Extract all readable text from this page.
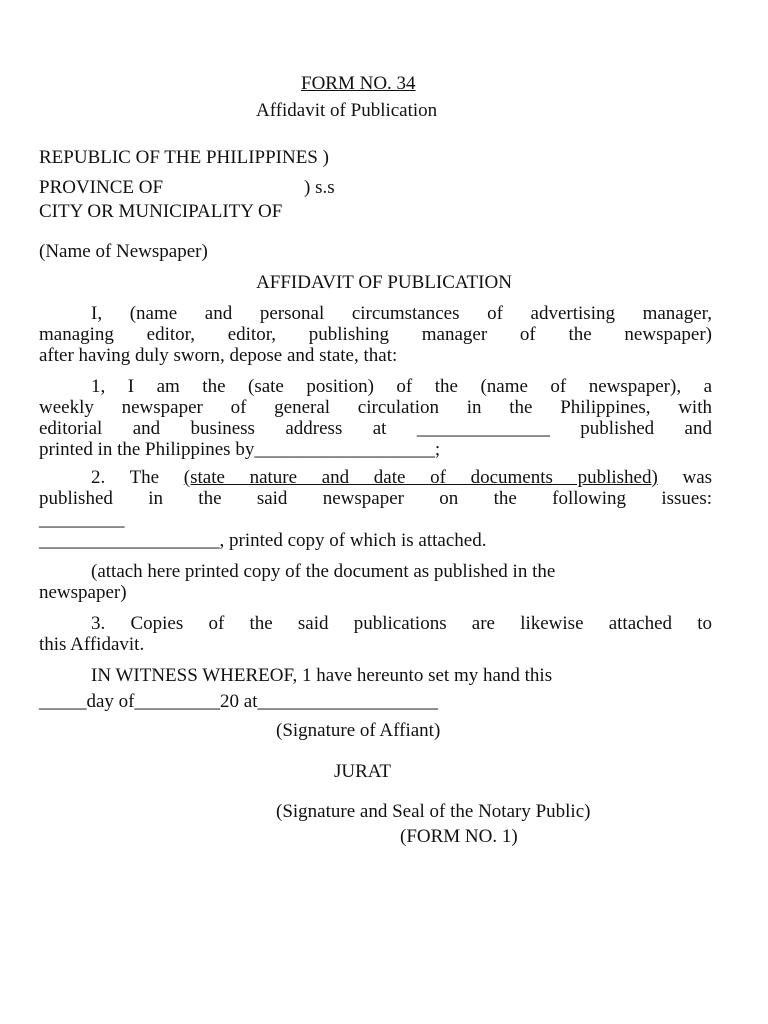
FORM NO. 34
Affidavit of Publication
REPUBLIC OF THE PHILIPPINES )
PROVINCE OF	) s.s
CITY OR MUNICIPALITY OF
(Name of Newspaper)
AFFIDAVIT OF PUBLICATION
I, (name and personal circumstances of advertising manager,
managing editor, editor, publishing manager of the newspaper)
after having duly sworn, depose and state, that:
1, I am the (sate position) of the (name of newspaper), a
weekly newspaper of general circulation in the Philippines, with
editorial and business address at ______________ published and
printed in the Philippines by___________________;
2. The (state nature and date of documents published) was
published in the said newspaper on the following issues:
_________
___________________, printed copy of which is attached.
(attach here printed copy of the document as published in the
newspaper)
3. Copies of the said publications are likewise attached to
this Affidavit.
IN WITNESS WHEREOF, 1 have hereunto set my hand this
_____day of_________20 at___________________
(Signature of Affiant)
JURAT
(Signature and Seal of the Notary Public)
(FORM NO. 1)
